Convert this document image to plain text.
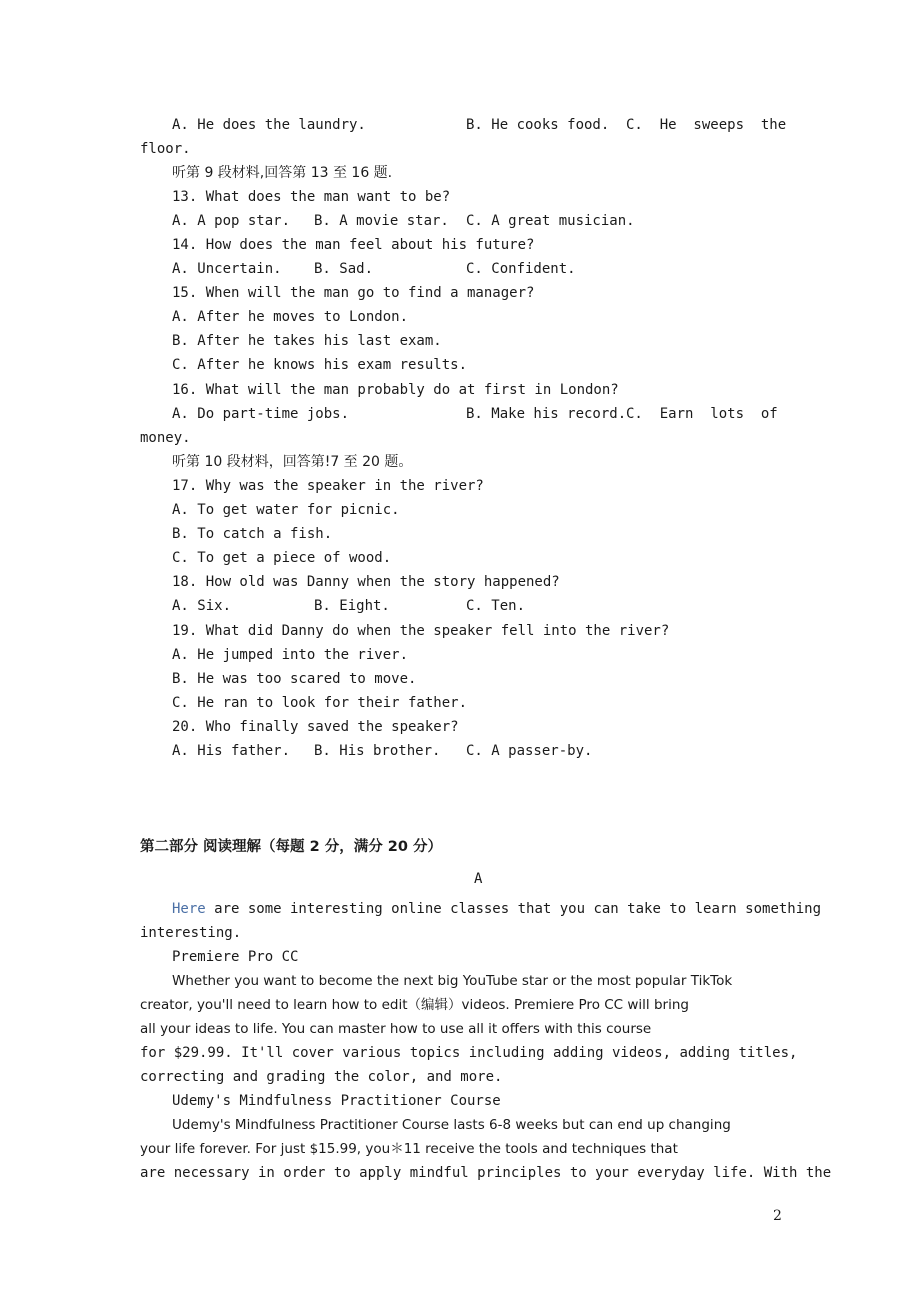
A. He does the laundry.	B. He cooks food. C.  He  sweeps  the
floor.
听第 9 段材料,回答第 13 至 16 题.
13. What does the man want to be?
A. A pop star. B. A movie star. C. A great musician.
14. How does the man feel about his future?
A. Uncertain. B. Sad.	C. Confident.
15. When will the man go to find a manager?
A. After he moves to London.
B. After he takes his last exam.
C. After he knows his exam results.
16. What will the man probably do at first in London?
A. Do part-time jobs.	B. Make his record. C.  Earn  lots  of
money.
听第 10 段材料，回答第!7 至 20 题。
17. Why was the speaker in the river?
A. To get water for picnic.
B. To catch a fish.
C. To get a piece of wood.
18. How old was Danny when the story happened?
A. Six.	B. Eight.	C. Ten.
19. What did Danny do when the speaker fell into the river?
A. He jumped into the river.
B. He was too scared to move.
C. He ran to look for their father.
20. Who finally saved the speaker?
A. His father. B. His brother. C. A passer-by.
第二部分 阅读理解（每题 2 分，满分 20 分）
A
Here are some interesting online classes that you can take to learn something
interesting.
Premiere Pro CC
Whether you want to become the next big YouTube star or the most popular TikTok
creator, you'll need to learn how to edit（编辑）videos. Premiere Pro CC will bring
all your ideas to life. You can master how to use all it offers with this course
for $29.99. It'll cover various topics including adding videos, adding titles,
correcting and grading the color, and more.
Udemy's Mindfulness Practitioner Course
Udemy's Mindfulness Practitioner Course lasts 6-8 weeks but can end up changing
your life forever. For just $15.99, you＊11 receive the tools and techniques that
are necessary in order to apply mindful principles to your everyday life. With the
2
